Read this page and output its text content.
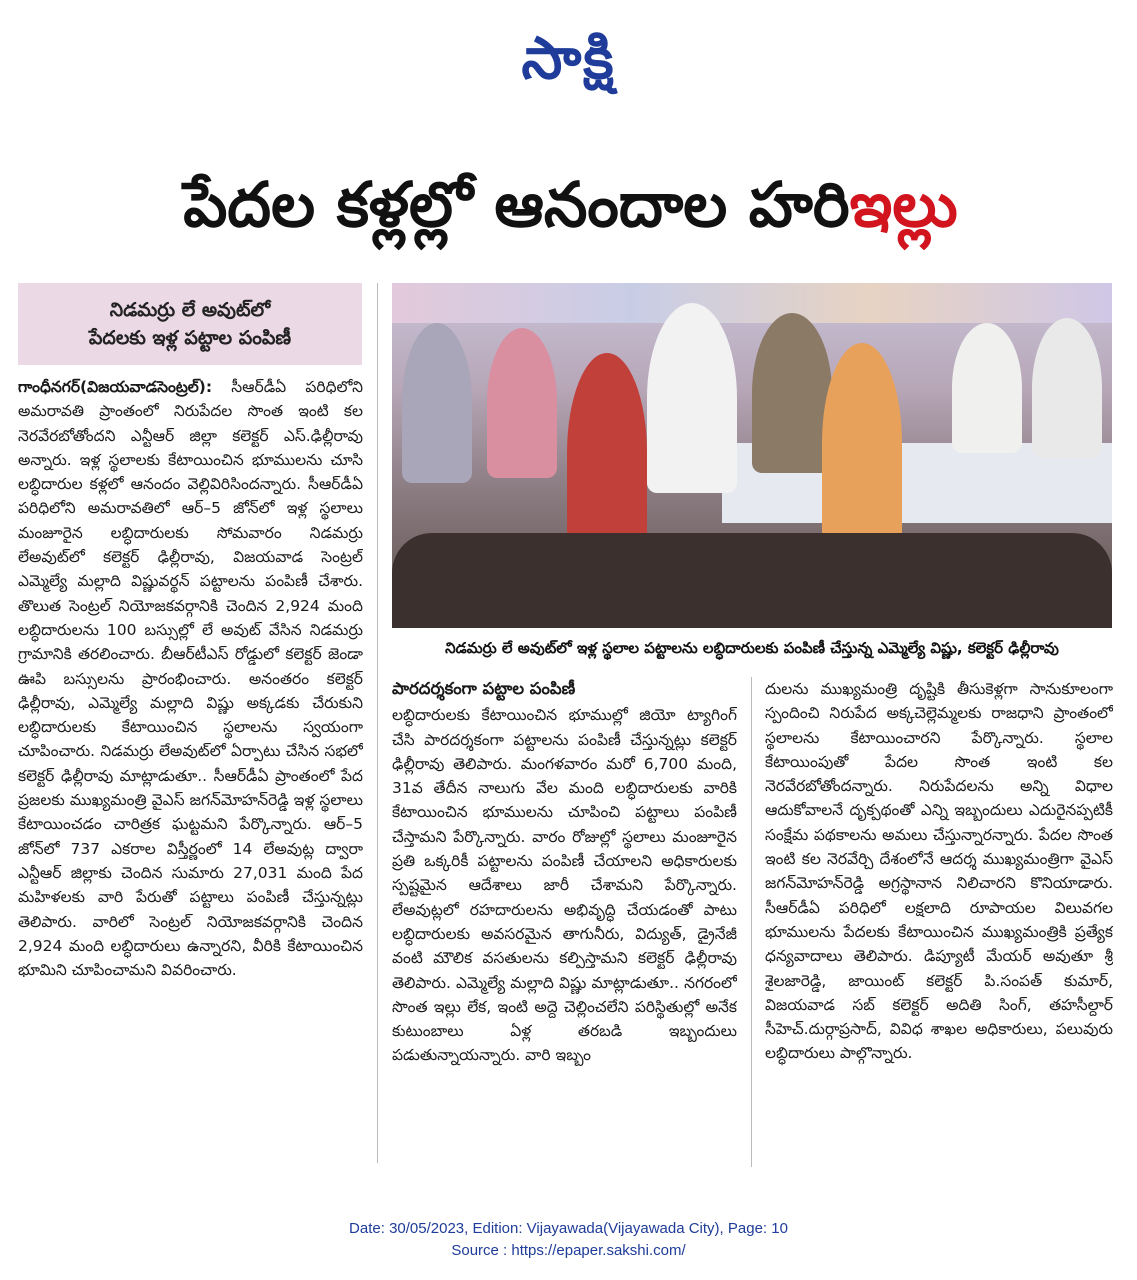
సాక్షి
పేదల కళ్లల్లో ఆనందాల హరిఇల్లు
నిడమర్రు లే అవుట్‌లో
పేదలకు ఇళ్ల పట్టాల పంపిణీ
నిడమర్రు లే అవుట్‌లో ఇళ్ల స్థలాల పట్టాలను లబ్ధిదారులకు పంపిణీ చేస్తున్న ఎమ్మెల్యే విష్ణు, కలెక్టర్‌ ఢిల్లీరావు
గాంధీనగర్‌(విజయవాడసెంట్రల్‌): సీఆర్‌డీఏ పరిధిలోని అమరావతి ప్రాంతంలో నిరుపేదల సొంత ఇంటి కల నెరవేరబోతోందని ఎన్టీఆర్‌ జిల్లా కలెక్టర్‌ ఎస్‌.ఢిల్లీరావు అన్నారు. ఇళ్ల స్థలాలకు కేటాయించిన భూములను చూసి లబ్ధిదారుల కళ్లలో ఆనందం వెల్లివిరిసిందన్నారు. సీఆర్‌డీఏ పరిధిలోని అమరావతిలో ఆర్‌–5 జోన్‌లో ఇళ్ల స్థలాలు మంజూరైన లబ్ధిదారులకు సోమవారం నిడమర్రు లేఅవుట్‌లో కలెక్టర్‌ ఢిల్లీరావు, విజయవాడ సెంట్రల్‌ ఎమ్మెల్యే మల్లాది విష్ణువర్థన్‌ పట్టాలను పంపిణీ చేశారు. తొలుత సెంట్రల్‌ నియోజకవర్గానికి చెందిన 2,924 మంది లబ్ధిదారులను 100 బస్సుల్లో లే అవుట్‌ వేసిన నిడమర్రు గ్రామానికి తరలించారు. బీఆర్‌టీఎస్‌ రోడ్డులో కలెక్టర్‌ జెండా ఊపి బస్సులను ప్రారంభించారు. అనంతరం కలెక్టర్‌ ఢిల్లీరావు, ఎమ్మెల్యే మల్లాది విష్ణు అక్కడకు చేరుకుని లబ్ధిదారులకు కేటాయించిన స్థలాలను స్వయంగా చూపించారు. నిడమర్రు లేఅవుట్‌లో ఏర్పాటు చేసిన సభలో కలెక్టర్‌ ఢిల్లీరావు మాట్లాడుతూ.. సీఆర్‌డీఏ ప్రాంతంలో పేద ప్రజలకు ముఖ్యమంత్రి వైఎస్‌ జగన్‌మోహన్‌రెడ్డి ఇళ్ల స్థలాలు కేటాయించడం చారిత్రక ఘట్టమని పేర్కొన్నారు. ఆర్‌–5 జోన్‌లో 737 ఎకరాల విస్తీర్ణంలో 14 లేఅవుట్ల ద్వారా ఎన్టీఆర్‌ జిల్లాకు చెందిన సుమారు 27,031 మంది పేద మహిళలకు వారి పేరుతో పట్టాలు పంపిణీ చేస్తున్నట్లు తెలిపారు. వారిలో సెంట్రల్‌ నియోజకవర్గానికి చెందిన 2,924 మంది లబ్ధిదారులు ఉన్నారని, వీరికి కేటాయించిన భూమిని చూపించామని వివరించారు.
పారదర్శకంగా పట్టాల పంపిణీ
లబ్ధిదారులకు కేటాయించిన భూముల్లో జియో ట్యాగింగ్‌ చేసి పారదర్శకంగా పట్టాలను పంపిణీ చేస్తున్నట్లు కలెక్టర్‌ ఢిల్లీరావు తెలిపారు. మంగళవారం మరో 6,700 మంది, 31వ తేదీన నాలుగు వేల మంది లబ్ధిదారులకు వారికి కేటాయించిన భూములను చూపించి పట్టాలు పంపిణీ చేస్తామని పేర్కొన్నారు. వారం రోజుల్లో స్థలాలు మంజూరైన ప్రతి ఒక్కరికీ పట్టాలను పంపిణీ చేయాలని అధికారులకు స్పష్టమైన ఆదేశాలు జారీ చేశామని పేర్కొన్నారు. లేఅవుట్లలో రహదారులను అభివృద్ధి చేయడంతో పాటు లబ్ధిదారులకు అవసరమైన తాగునీరు, విద్యుత్‌, డ్రైనేజీ వంటి మౌలిక వసతులను కల్పిస్తామని కలెక్టర్‌ ఢిల్లీరావు తెలిపారు. ఎమ్మెల్యే మల్లాది విష్ణు మాట్లాడుతూ.. నగరంలో సొంత ఇల్లు లేక, ఇంటి అద్దె చెల్లించలేని పరిస్థితుల్లో అనేక కుటుంబాలు ఏళ్ల తరబడి ఇబ్బందులు పడుతున్నాయన్నారు. వారి ఇబ్బం
దులను ముఖ్యమంత్రి దృష్టికి తీసుకెళ్లగా సానుకూలంగా స్పందించి నిరుపేద అక్కచెల్లెమ్మలకు రాజధాని ప్రాంతంలో స్థలాలను కేటాయించారని పేర్కొన్నారు. స్థలాల కేటాయింపుతో పేదల సొంత ఇంటి కల నెరవేరబోతోందన్నారు. నిరుపేదలను అన్ని విధాల ఆదుకోవాలనే దృక్పథంతో ఎన్ని ఇబ్బందులు ఎదురైనప్పటికీ సంక్షేమ పథకాలను అమలు చేస్తున్నారన్నారు. పేదల సొంత ఇంటి కల నెరవేర్చి దేశంలోనే ఆదర్శ ముఖ్యమంత్రిగా వైఎస్‌ జగన్‌మోహన్‌రెడ్డి అగ్రస్థానాన నిలిచారని కొనియాడారు. సీఆర్‌డీఏ పరిధిలో లక్షలాది రూపాయల విలువగల భూములను పేదలకు కేటాయించిన ముఖ్యమంత్రికి ప్రత్యేక ధన్యవాదాలు తెలిపారు. డిప్యూటీ మేయర్‌ అవుతూ శ్రీ శైలజారెడ్డి, జాయింట్‌ కలెక్టర్‌ పి.సంపత్‌ కుమార్‌, విజయవాడ సబ్‌ కలెక్టర్‌ అదితి సింగ్‌, తహసీల్దార్‌ సీహెచ్‌.దుర్గాప్రసాద్‌, వివిధ శాఖల అధికారులు, పలువురు లబ్ధిదారులు పాల్గొన్నారు.
Date: 30/05/2023, Edition: Vijayawada(Vijayawada City), Page: 10
Source : https://epaper.sakshi.com/
